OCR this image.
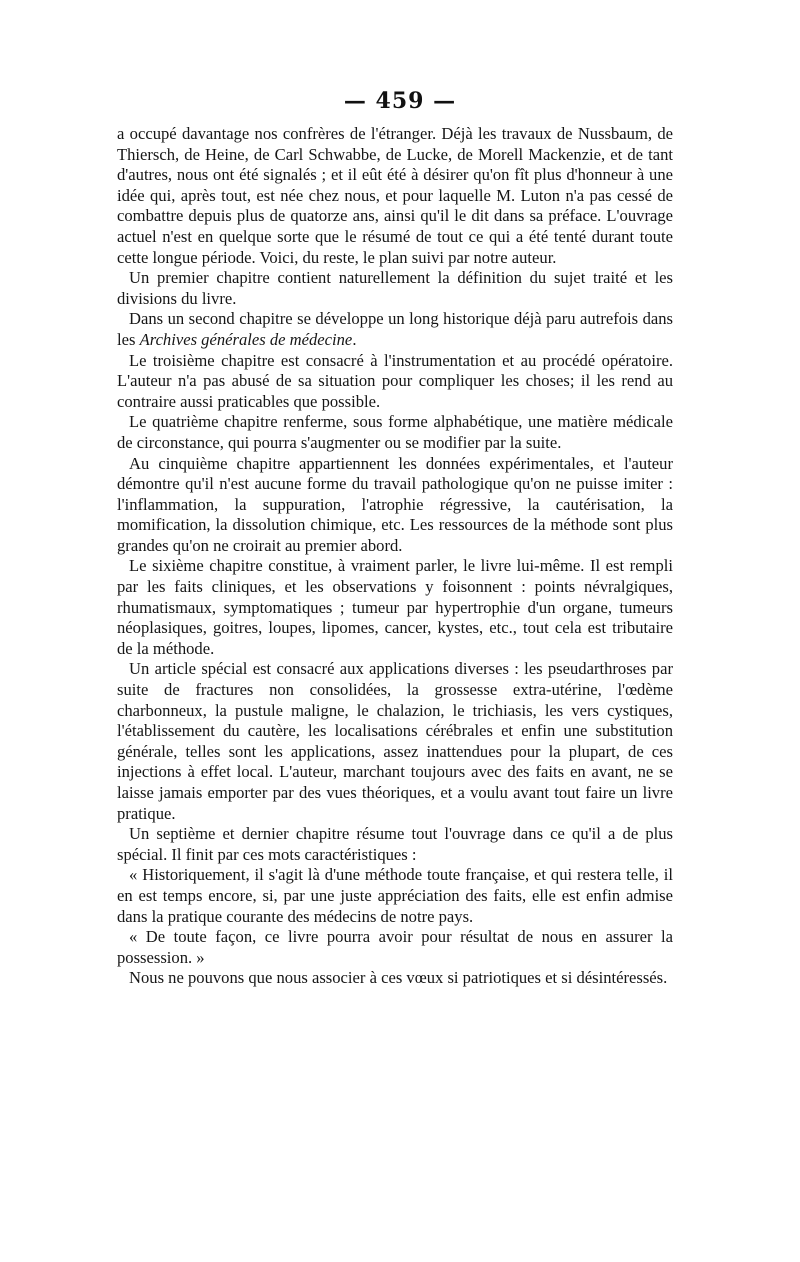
— 459 —

a occupé davantage nos confrères de l'étranger. Déjà les travaux de Nussbaum, de Thiersch, de Heine, de Carl Schwabbe, de Lucke, de Morell Mackenzie, et de tant d'autres, nous ont été signalés ; et il eût été à désirer qu'on fît plus d'honneur à une idée qui, après tout, est née chez nous, et pour laquelle M. Luton n'a pas cessé de combattre depuis plus de quatorze ans, ainsi qu'il le dit dans sa préface. L'ouvrage actuel n'est en quelque sorte que le résumé de tout ce qui a été tenté durant toute cette longue période. Voici, du reste, le plan suivi par notre auteur.

Un premier chapitre contient naturellement la définition du sujet traité et les divisions du livre.

Dans un second chapitre se développe un long historique déjà paru autrefois dans les Archives générales de médecine.

Le troisième chapitre est consacré à l'instrumentation et au procédé opératoire. L'auteur n'a pas abusé de sa situation pour compliquer les choses; il les rend au contraire aussi praticables que possible.

Le quatrième chapitre renferme, sous forme alphabétique, une matière médicale de circonstance, qui pourra s'augmenter ou se modifier par la suite.

Au cinquième chapitre appartiennent les données expérimentales, et l'auteur démontre qu'il n'est aucune forme du travail pathologique qu'on ne puisse imiter : l'inflammation, la suppuration, l'atrophie régressive, la cautérisation, la momification, la dissolution chimique, etc. Les ressources de la méthode sont plus grandes qu'on ne croirait au premier abord.

Le sixième chapitre constitue, à vraiment parler, le livre lui-même. Il est rempli par les faits cliniques, et les observations y foisonnent : points névralgiques, rhumatismaux, symptomatiques ; tumeur par hypertrophie d'un organe, tumeurs néoplasiques, goitres, loupes, lipomes, cancer, kystes, etc., tout cela est tributaire de la méthode.

Un article spécial est consacré aux applications diverses : les pseudarthroses par suite de fractures non consolidées, la grossesse extra-utérine, l'œdème charbonneux, la pustule maligne, le chalazion, le trichiasis, les vers cystiques, l'établissement du cautère, les localisations cérébrales et enfin une substitution générale, telles sont les applications, assez inattendues pour la plupart, de ces injections à effet local. L'auteur, marchant toujours avec des faits en avant, ne se laisse jamais emporter par des vues théoriques, et a voulu avant tout faire un livre pratique.

Un septième et dernier chapitre résume tout l'ouvrage dans ce qu'il a de plus spécial. Il finit par ces mots caractéristiques :

« Historiquement, il s'agit là d'une méthode toute française, et qui restera telle, il en est temps encore, si, par une juste appréciation des faits, elle est enfin admise dans la pratique courante des médecins de notre pays.

« De toute façon, ce livre pourra avoir pour résultat de nous en assurer la possession. »

Nous ne pouvons que nous associer à ces vœux si patriotiques et si désintéressés.
